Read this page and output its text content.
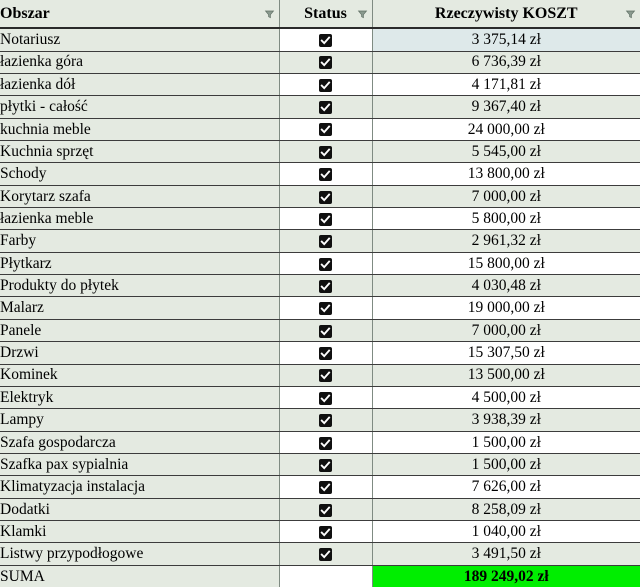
Obszar	Status	Rzeczywisty KOSZT

Notariusz		3 375,14 zł
łazienka góra		6 736,39 zł
łazienka dół		4 171,81 zł
płytki - całość		9 367,40 zł
kuchnia meble		24 000,00 zł
Kuchnia sprzęt		5 545,00 zł
Schody		13 800,00 zł
Korytarz szafa		7 000,00 zł
łazienka meble		5 800,00 zł
Farby		2 961,32 zł
Płytkarz		15 800,00 zł
Produkty do płytek		4 030,48 zł
Malarz		19 000,00 zł
Panele		7 000,00 zł
Drzwi		15 307,50 zł
Kominek		13 500,00 zł
Elektryk		4 500,00 zł
Lampy		3 938,39 zł
Szafa gospodarcza		1 500,00 zł
Szafka pax sypialnia		1 500,00 zł
Klimatyzacja instalacja		7 626,00 zł
Dodatki		8 258,09 zł
Klamki		1 040,00 zł
Listwy przypodłogowe		3 491,50 zł
SUMA		189 249,02 zł
